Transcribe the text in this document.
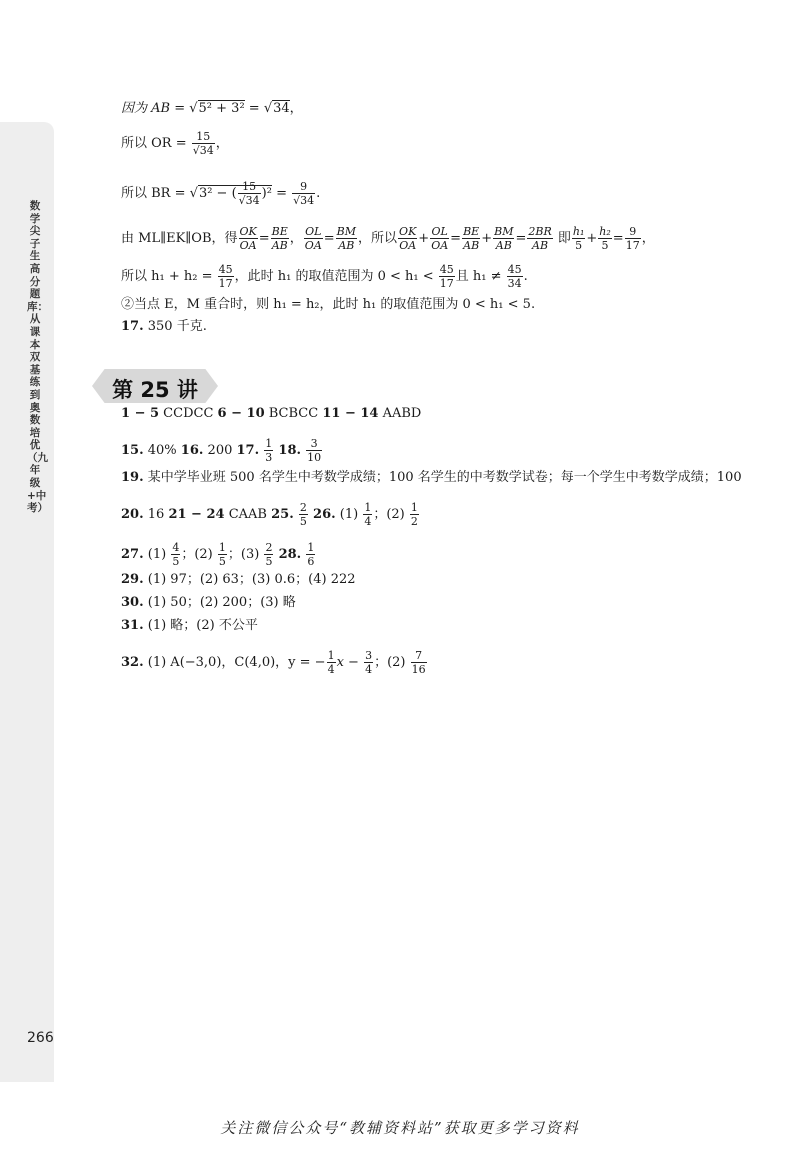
数学尖子生高分题库：从课本双基练到奥数培优（九年级+中考）
266
因为 AB = √5² + 3² = √34，
所以 OR = $\frac{15}{√34}$ ，
所以 BR = √3² − ( $\frac{15}{√34} )^2 = \frac{9}{√34}$ .
由 ML∥EK∥OB，得 $\frac{OK}{OA} = \frac{BE}{AB}$ ， $\frac{OL}{OA} = \frac{BM}{AB}$ ，所以 $\frac{OK}{OA} + \frac{OL}{OA} = \frac{BE}{AB} + \frac{BM}{AB} = \frac{2BR}{AB}$ 即 $\frac{\text{h₁}}{5} + \frac{\text{h₂}}{5} = \frac{9}{17}$ ，
所以 $h_1 + h_2 = \frac{45}{17}$ ，此时 h₁ 的取值范围为 $0 < h_1 < \frac{45}{17}$ 且 $h_1 \ne \frac{45}{34}$ .
②当点 E，M 重合时，则 h₁ = h₂，此时 h₁ 的取值范围为 0 < h₁ < 5.
17. 350 千克.
第 25 讲
1 − 5 CCDCC 6 − 10 BCBCC 11 − 14 AABD
15. 40% 16. 200 17. $\frac{1}{3} 18$. $\frac{3}{10}$
19. 某中学毕业班 500 名学生中考数学成绩；100 名学生的中考数学试卷；每一个学生中考数学成绩；100
20. 16 21 − 24 CAAB 25. $\frac{2}{5} 26$. $(1) \frac{1}{4}$ ；$(2) \frac{1}{2}$
27. $(1) \frac{4}{5}$ ；$(2) \frac{1}{5}$ ；$(3) \frac{2}{5} 28$. $\frac{1}{6}$
29. (1) 97；(2) 63；(3) 0.6；(4) 222
30. (1) 50；(2) 200；(3) 略
31. (1) 略；(2) 不公平
32. (1) A(−3,0)，C(4,0)，y = − $\frac{1}{4}$ $x - \frac{3}{4}$ ；$(2) \frac{7}{16}$
关注微信公众号“教辅资料站”获取更多学习资料
